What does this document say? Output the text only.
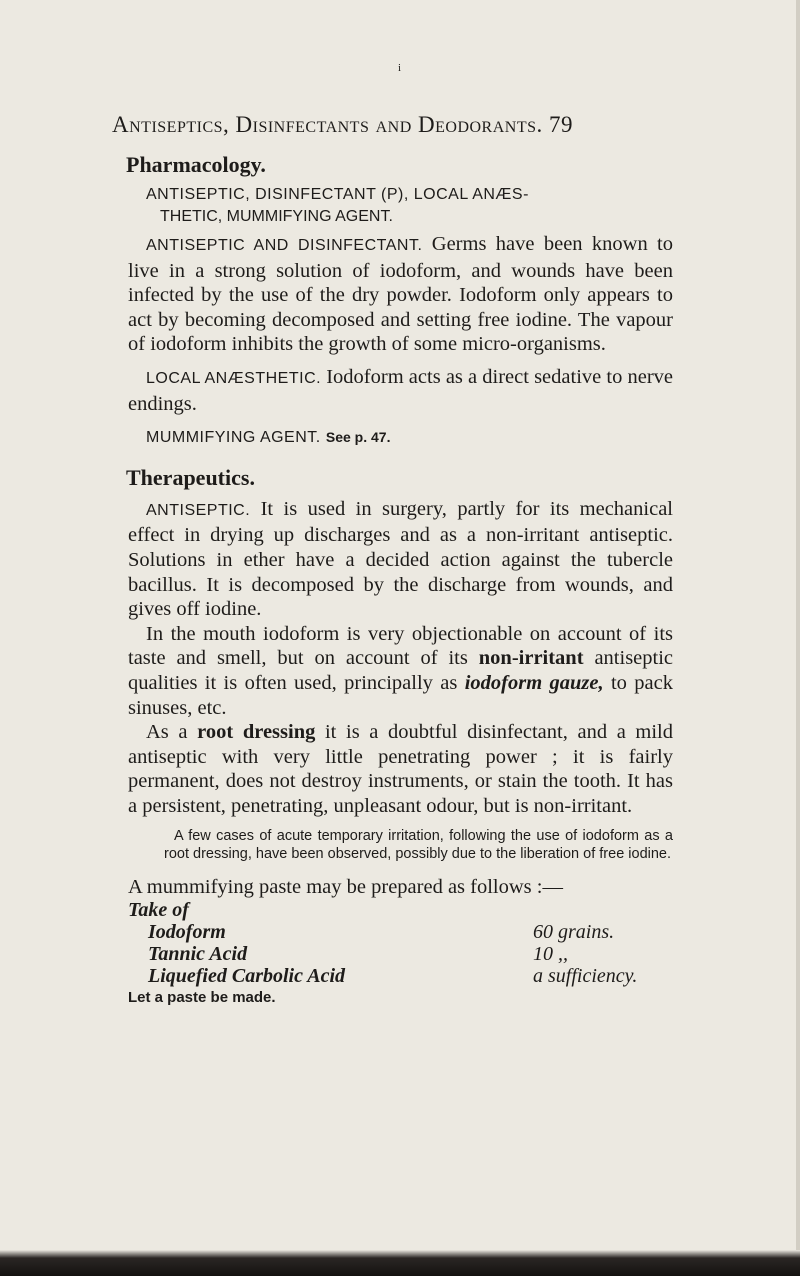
i
Antiseptics, Disinfectants and Deodorants. 79
Pharmacology.
ANTISEPTIC, DISINFECTANT (P), LOCAL ANÆS-
THETIC, MUMMIFYING AGENT.

ANTISEPTIC AND DISINFECTANT. Germs have been known to live in a strong solution of iodoform, and wounds have been infected by the use of the dry powder. Iodoform only appears to act by becoming decomposed and setting free iodine. The vapour of iodoform inhibits the growth of some micro-organisms.

LOCAL ANÆSTHETIC. Iodoform acts as a direct sedative to nerve endings.

MUMMIFYING AGENT. See p. 47.

Therapeutics.

ANTISEPTIC. It is used in surgery, partly for its mechanical effect in drying up discharges and as a non-irritant antiseptic. Solutions in ether have a decided action against the tubercle bacillus. It is decomposed by the discharge from wounds, and gives off iodine.

In the mouth iodoform is very objectionable on account of its taste and smell, but on account of its non-irritant antiseptic qualities it is often used, principally as iodoform gauze, to pack sinuses, etc.

As a root dressing it is a doubtful disinfectant, and a mild antiseptic with very little penetrating power ; it is fairly permanent, does not destroy instruments, or stain the tooth. It has a persistent, penetrating, unpleasant odour, but is non-irritant.

A few cases of acute temporary irritation, following the use of iodoform as a root dressing, have been observed, possibly due to the liberation of free iodine.

A mummifying paste may be prepared as follows :—
Take of
Iodoform	60 grains.
Tannic Acid	10 ,,
Liquefied Carbolic Acid	a sufficiency.
Let a paste be made.
